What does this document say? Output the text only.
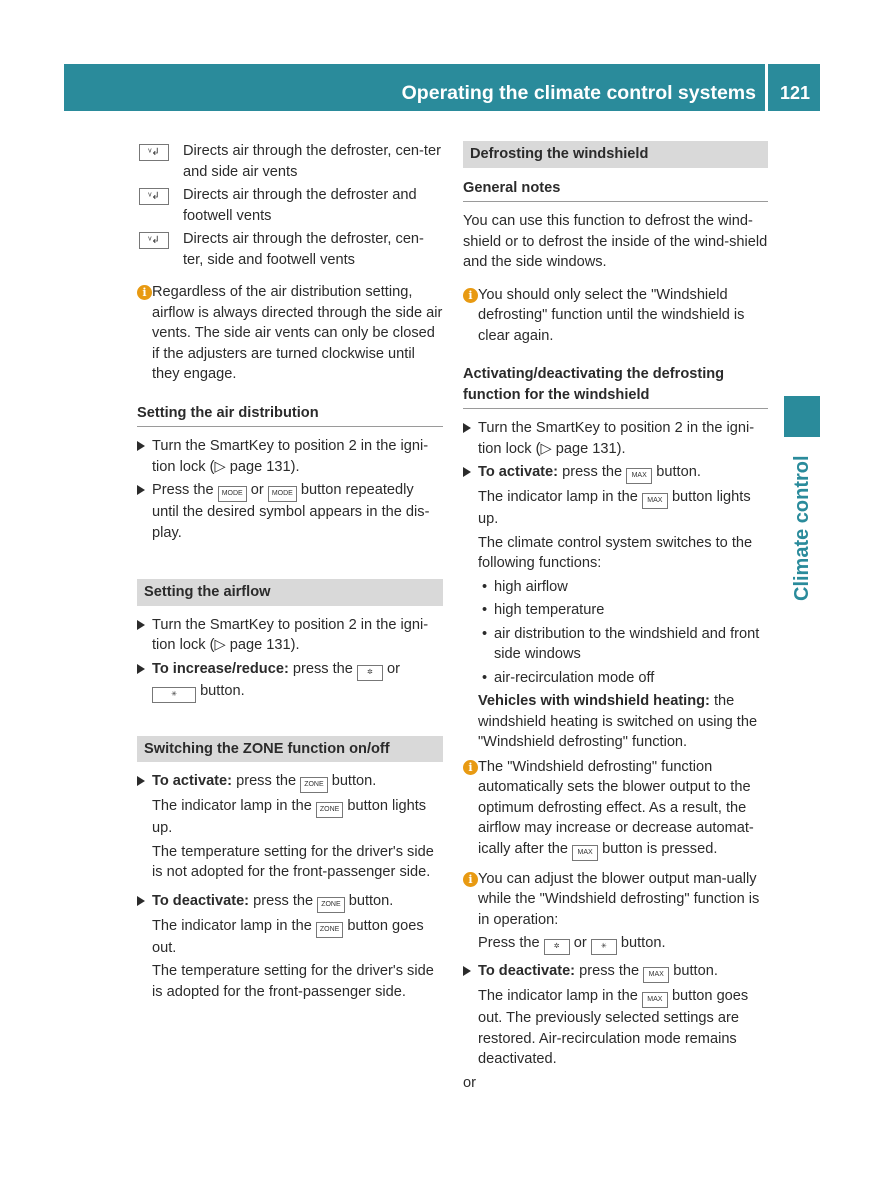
Operating the climate control systems 121
Climate control
ᵛ↲	Directs air through the defroster, cen-ter and side air vents

ᵛ↲	Directs air through the defroster and footwell vents

ᵛ↲	Directs air through the defroster, cen-ter, side and footwell vents

i Regardless of the air distribution setting, airflow is always directed through the side air vents. The side air vents can only be closed if the adjusters are turned clockwise until they engage.

Setting the air distribution

Turn the SmartKey to position 2 in the igni-tion lock (▷ page 131).

Press the MODE or MODE button repeatedly until the desired symbol appears in the dis-play.

Setting the airflow

Turn the SmartKey to position 2 in the igni-tion lock (▷ page 131).

To increase/reduce: press the ✲ or
✳ button.

Switching the ZONE function on/off

To activate: press the ZONE button.

The indicator lamp in the ZONE button lights up.
The temperature setting for the driver's side is not adopted for the front-passenger side.

To deactivate: press the ZONE button.

The indicator lamp in the ZONE button goes out.
The temperature setting for the driver's side is adopted for the front-passenger side.
Defrosting the windshield
General notes

You can use this function to defrost the wind-shield or to defrost the inside of the wind-shield and the side windows.

i You should only select the "Windshield defrosting" function until the windshield is clear again.

Activating/deactivating the defrosting function for the windshield

Turn the SmartKey to position 2 in the igni-tion lock (▷ page 131).

To activate: press the MAX button.

The indicator lamp in the MAX button lights up.
The climate control system switches to the following functions:
• high airflow
• high temperature
• air distribution to the windshield and front side windows
• air-recirculation mode off
Vehicles with windshield heating: the windshield heating is switched on using the "Windshield defrosting" function.
i The "Windshield defrosting" function automatically sets the blower output to the optimum defrosting effect. As a result, the airflow may increase or decrease automat-ically after the MAX button is pressed.

i You can adjust the blower output man-ually while the "Windshield defrosting" function is in operation:

Press the ✲ or ✳ button.

To deactivate: press the MAX button.

The indicator lamp in the MAX button goes out. The previously selected settings are restored. Air-recirculation mode remains deactivated.

or
